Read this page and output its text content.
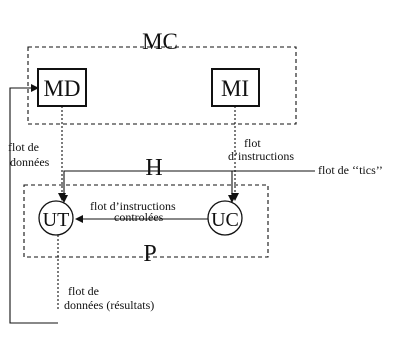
MC
MD	MI
P
H	flot de ‘‘tics’’
flot de
données
flot
d’instructions
UT	UC
flot d’instructions
controlées
flot de
données (résultats)
